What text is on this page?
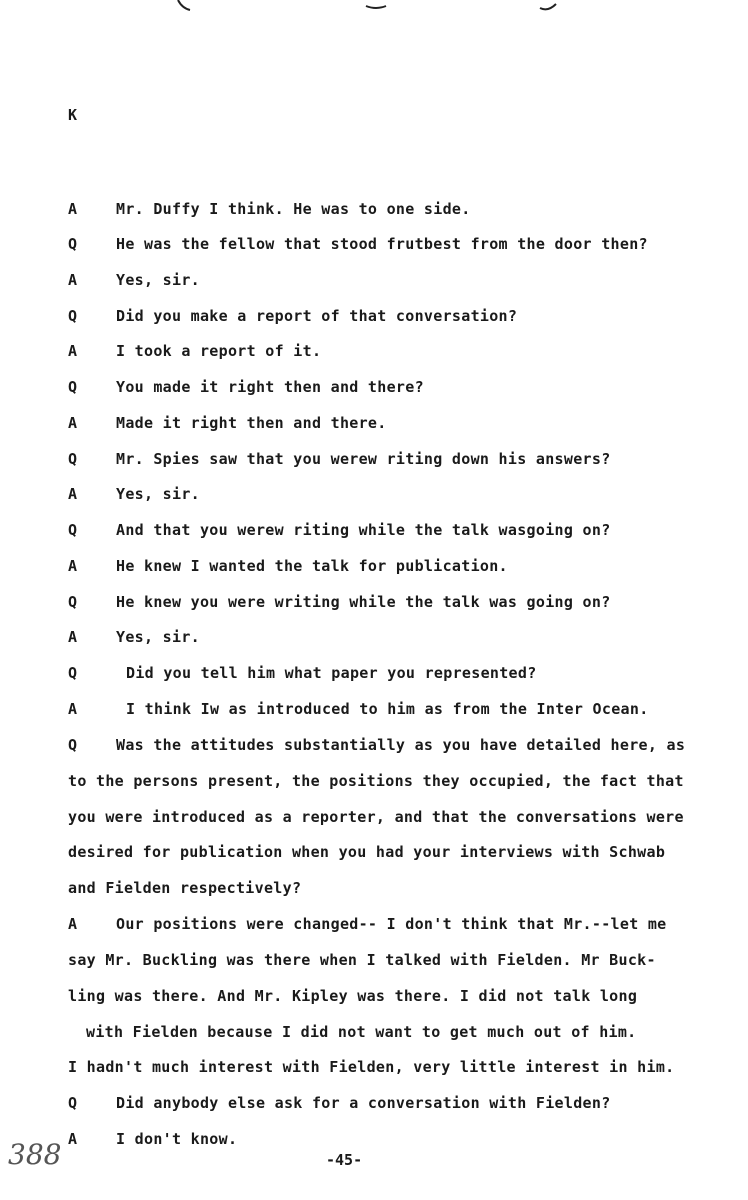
K
A	Mr. Duffy I think. He was to one side.
Q	He was the fellow that stood frutbest from the door then?
A	Yes, sir.
Q	Did you make a report of that conversation?
A	I took a report of it.
Q	You made it right then and there?
A	Made it right then and there.
Q	Mr. Spies saw that you werew riting down his answers?
A	Yes, sir.
Q	And that you werew riting while the talk wasgoing on?
A	He knew I wanted the talk for publication.
Q	He knew you were writing while the talk was going on?
A	Yes, sir.
Q	Did you tell him what paper you represented?
A	I think Iw as introduced to him as from the Inter Ocean.
Q	Was the attitudes substantially as you have detailed here, as
to the persons present, the positions they occupied, the fact that
you were introduced as a reporter, and that the conversations were
desired for publication when you had your interviews with Schwab
and Fielden respectively?
A	Our positions were changed-- I don't think that Mr.--let me
say Mr. Buckling was there when I talked with Fielden. Mr Buck-
ling was there. And Mr. Kipley was there. I did not talk long
with Fielden because I did not want to get much out of him.
I hadn't much interest with Fielden, very little interest in him.
Q	Did anybody else ask for a conversation with Fielden?
A	I don't know.
388	-45-
